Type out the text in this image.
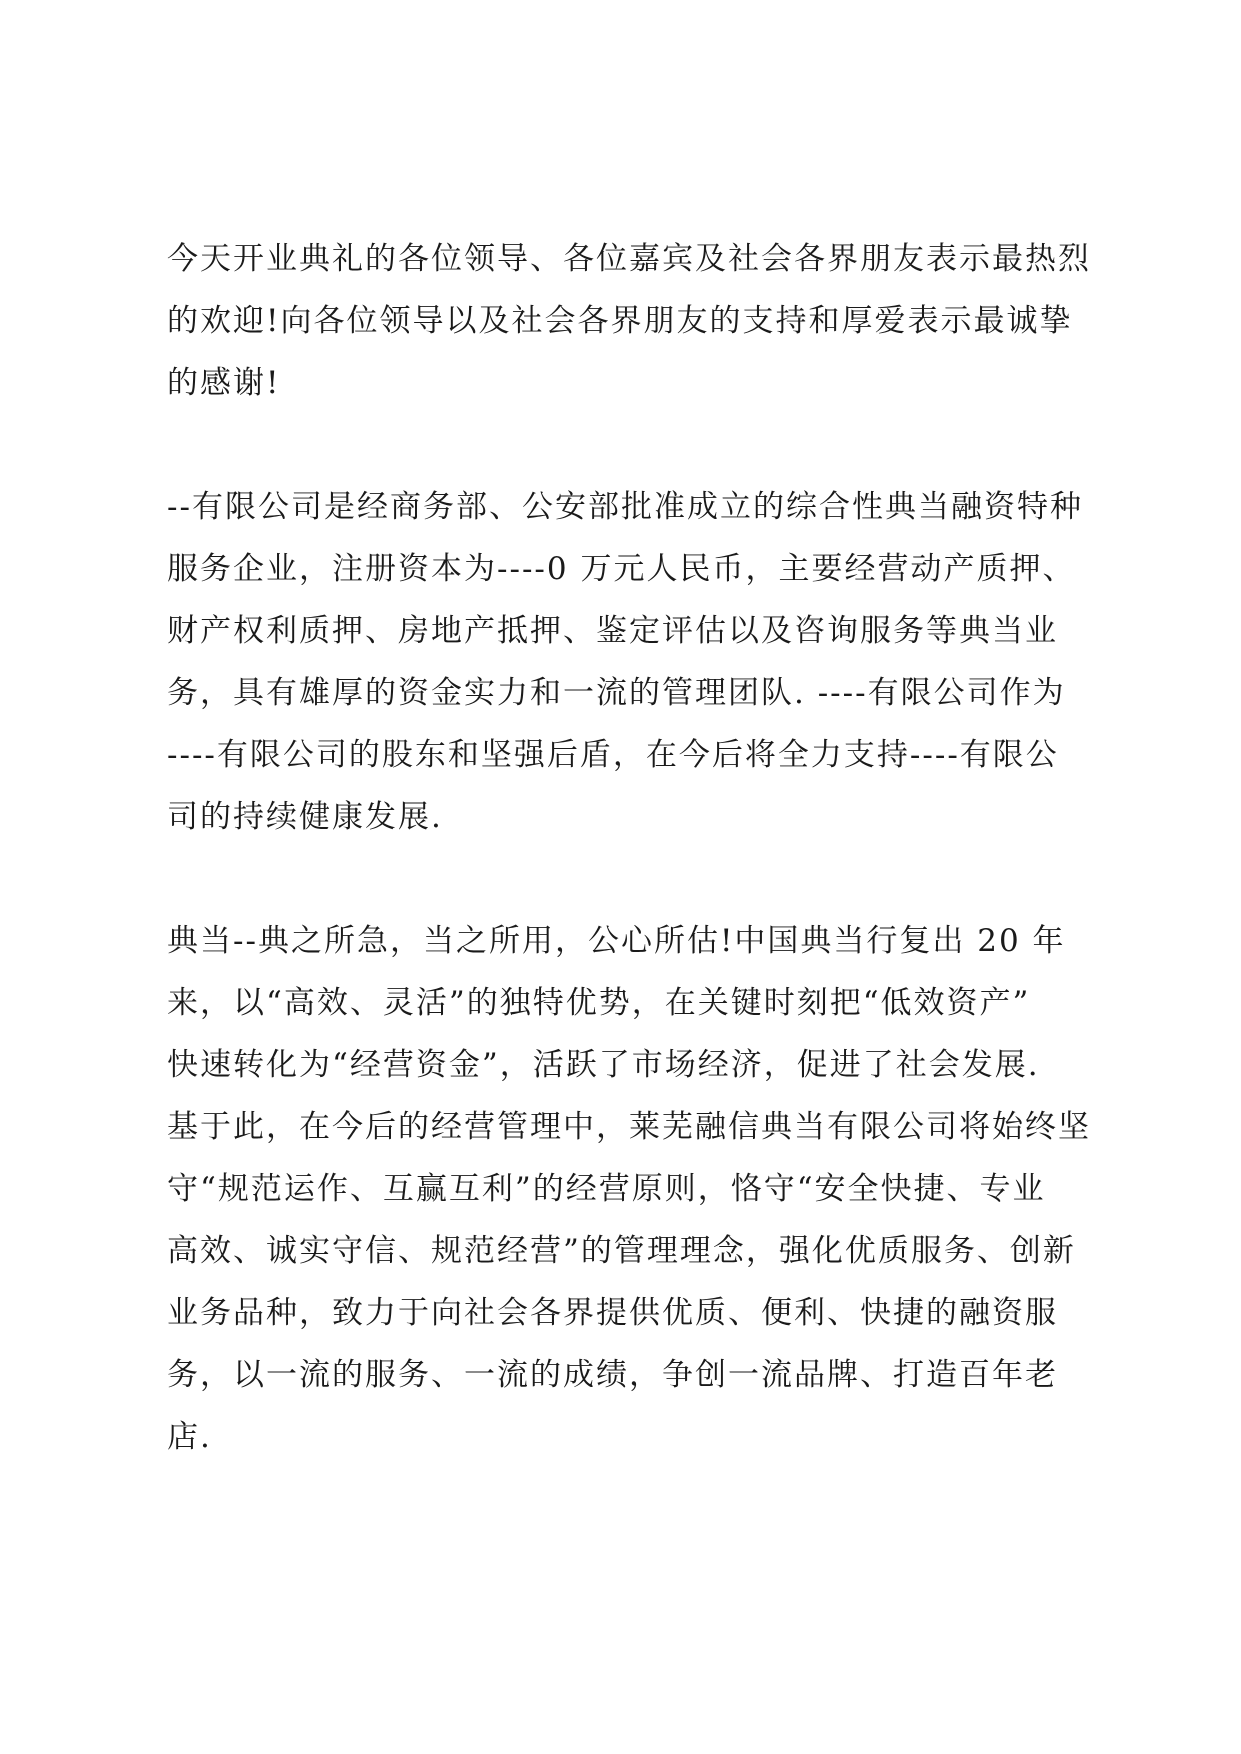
今天开业典礼的各位领导、各位嘉宾及社会各界朋友表示最热烈
的欢迎!向各位领导以及社会各界朋友的支持和厚爱表示最诚挚
的感谢!

--有限公司是经商务部、公安部批准成立的综合性典当融资特种
服务企业，注册资本为----0 万元人民币，主要经营动产质押、
财产权利质押、房地产抵押、鉴定评估以及咨询服务等典当业
务，具有雄厚的资金实力和一流的管理团队. ----有限公司作为
----有限公司的股东和坚强后盾，在今后将全力支持----有限公
司的持续健康发展.

典当--典之所急，当之所用，公心所估!中国典当行复出 20 年
来，以“高效、灵活”的独特优势，在关键时刻把“低效资产”
快速转化为“经营资金”，活跃了市场经济，促进了社会发展.
基于此，在今后的经营管理中，莱芜融信典当有限公司将始终坚
守“规范运作、互赢互利”的经营原则，恪守“安全快捷、专业
高效、诚实守信、规范经营”的管理理念，强化优质服务、创新
业务品种，致力于向社会各界提供优质、便利、快捷的融资服
务，以一流的服务、一流的成绩，争创一流品牌、打造百年老
店.
